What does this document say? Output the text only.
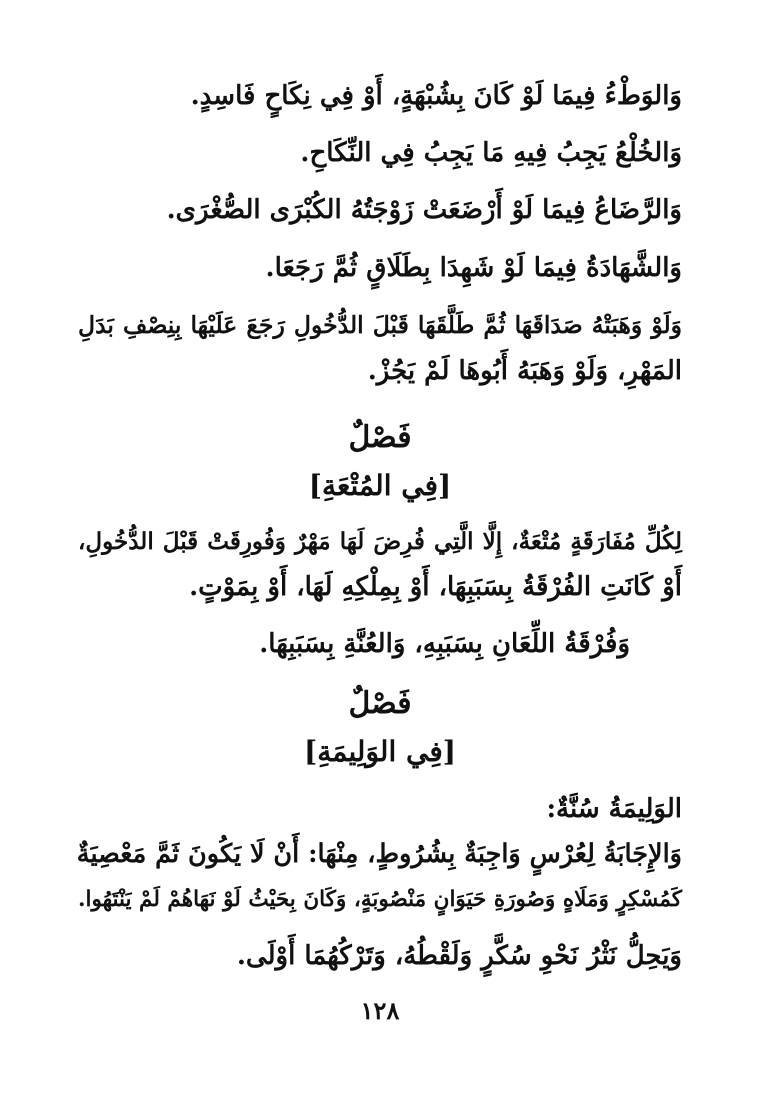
وَالوَطْءُ فِيمَا لَوْ كَانَ بِشُبْهَةٍ، أَوْ فِي نِكَاحٍ فَاسِدٍ.
وَالخُلْعُ يَجِبُ فِيهِ مَا يَجِبُ فِي النِّكَاحِ.
وَالرَّضَاعُ فِيمَا لَوْ أَرْضَعَتْ زَوْجَتُهُ الكُبْرَى الصُّغْرَى.
وَالشَّهَادَةُ فِيمَا لَوْ شَهِدَا بِطَلَاقٍ ثُمَّ رَجَعَا.
وَلَوْ وَهَبَتْهُ صَدَاقَهَا ثُمَّ طَلَّقَهَا قَبْلَ الدُّخُولِ رَجَعَ عَلَيْهَا بِنِصْفِ بَدَلِ
المَهْرِ، وَلَوْ وَهَبَهُ أَبُوهَا لَمْ يَجُزْ.
فَصْلٌ
[فِي المُتْعَةِ]
لِكُلِّ مُفَارَقَةٍ مُتْعَةٌ، إِلَّا الَّتِي فُرِضَ لَهَا مَهْرٌ وَفُورِقَتْ قَبْلَ الدُّخُولِ،
أَوْ كَانَتِ الفُرْقَةُ بِسَبَبِهَا، أَوْ بِمِلْكِهِ لَهَا، أَوْ بِمَوْتٍ.
وَفُرْقَةُ اللِّعَانِ بِسَبَبِهِ، وَالعُنَّةِ بِسَبَبِهَا.
فَصْلٌ
[فِي الوَلِيمَةِ]
الوَلِيمَةُ سُنَّةٌ:
وَالإِجَابَةُ لِعُرْسٍ وَاجِبَةٌ بِشُرُوطٍ، مِنْهَا: أَنْ لَا يَكُونَ ثَمَّ مَعْصِيَةٌ
كَمُسْكِرٍ وَمَلَاهٍ وَصُورَةِ حَيَوَانٍ مَنْصُوبَةٍ، وَكَانَ بِحَيْثُ لَوْ نَهَاهُمْ لَمْ يَنْتَهُوا.
وَيَحِلُّ نَثْرُ نَحْوِ سُكَّرٍ وَلَقْطُهُ، وَتَرْكُهُمَا أَوْلَى.
١٢٨
